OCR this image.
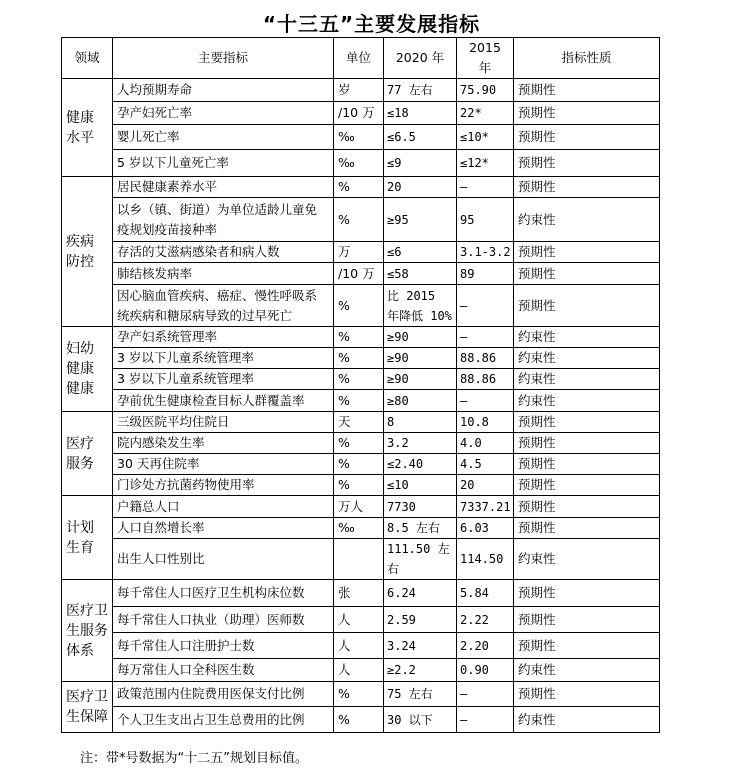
“十三五”主要发展指标
领域	主要指标	单位	2020 年	2015 年	指标性质

健康
水平	人均预期寿命	岁	77 左右	75.90	预期性
	孕产妇死亡率	/10 万	≤18	22*	预期性
	婴儿死亡率	‰	≤6.5	≤10*	预期性
	5 岁以下儿童死亡率	‰	≤9	≤12*	预期性

疾病
防控	居民健康素养水平	%	20	—	预期性
	以乡（镇、街道）为单位适龄儿童免疫规划疫苗接种率	%	≥95	95	约束性
	存活的艾滋病感染者和病人数	万	≤6	3.1-3.2	预期性
	肺结核发病率	/10 万	≤58	89	预期性
	因心脑血管疾病、癌症、慢性呼吸系统疾病和糖尿病导致的过早死亡	%	比 2015 年降低 10%	—	预期性

妇幼
健康
健康	孕产妇系统管理率	%	≥90	—	约束性
	3 岁以下儿童系统管理率	%	≥90	88.86	约束性
	3 岁以下儿童系统管理率	%	≥90	88.86	约束性
	孕前优生健康检查目标人群覆盖率	%	≥80	—	约束性

医疗
服务	三级医院平均住院日	天	8	10.8	预期性
	院内感染发生率	%	3.2	4.0	预期性
	30 天再住院率	%	≤2.40	4.5	预期性
	门诊处方抗菌药物使用率	%	≤10	20	预期性

计划
生育	户籍总人口	万人	7730	7337.21	预期性
	人口自然增长率	‰	8.5 左右	6.03	预期性
	出生人口性别比		111.50 左右	114.50	约束性

医疗卫
生服务
体系	每千常住人口医疗卫生机构床位数	张	6.24	5.84	预期性
	每千常住人口执业（助理）医师数	人	2.59	2.22	预期性
	每千常住人口注册护士数	人	3.24	2.20	预期性
	每万常住人口全科医生数	人	≥2.2	0.90	约束性

医疗卫
生保障	政策范围内住院费用医保支付比例	%	75 左右	—	预期性
	个人卫生支出占卫生总费用的比例	%	30 以下	—	约束性
注：带*号数据为“十二五”规划目标值。
